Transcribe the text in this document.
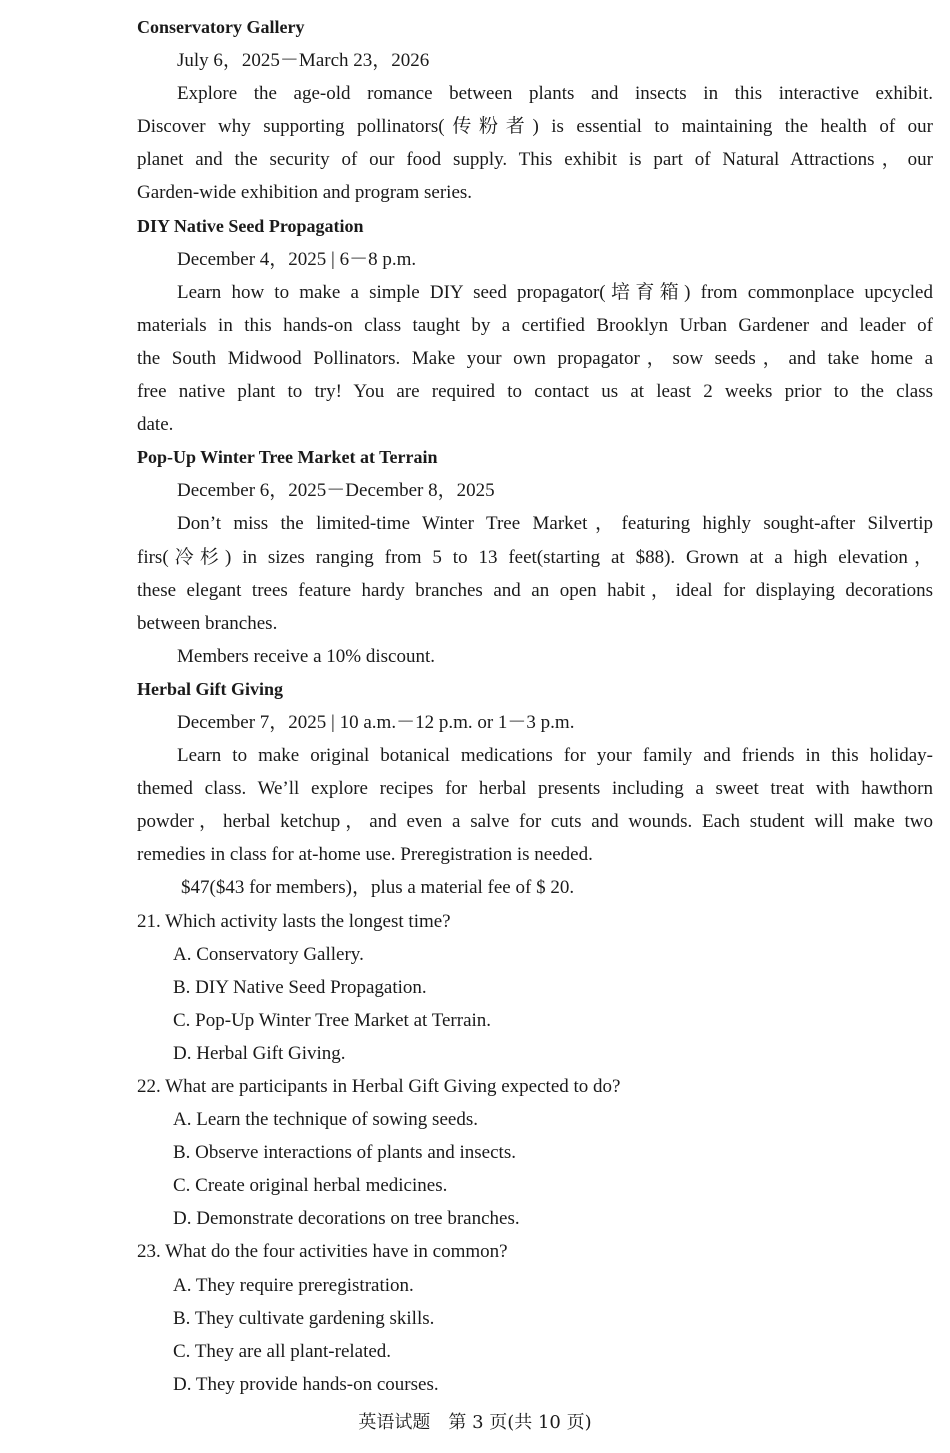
Conservatory Gallery
July 6，2025－March 23，2026
Explore the age-old romance between plants and insects in this interactive exhibit.
Discover why supporting pollinators(传粉者) is essential to maintaining the health of our
planet and the security of our food supply. This exhibit is part of Natural Attractions，our
Garden-wide exhibition and program series.
DIY Native Seed Propagation
December 4，2025 | 6－8 p.m.
Learn how to make a simple DIY seed propagator(培育箱) from commonplace upcycled
materials in this hands-on class taught by a certified Brooklyn Urban Gardener and leader of
the South Midwood Pollinators. Make your own propagator，sow seeds，and take home a
free native plant to try! You are required to contact us at least 2 weeks prior to the class
date.
Pop-Up Winter Tree Market at Terrain
December 6，2025－December 8，2025
Don’t miss the limited-time Winter Tree Market，featuring highly sought-after Silvertip
firs(冷杉) in sizes ranging from 5 to 13 feet(starting at $88). Grown at a high elevation，
these elegant trees feature hardy branches and an open habit，ideal for displaying decorations
between branches.
Members receive a 10% discount.
Herbal Gift Giving
December 7，2025 | 10 a.m.－12 p.m. or 1－3 p.m.
Learn to make original botanical medications for your family and friends in this holiday-
themed class. We’ll explore recipes for herbal presents including a sweet treat with hawthorn
powder，herbal ketchup，and even a salve for cuts and wounds. Each student will make two
remedies in class for at-home use. Preregistration is needed.
$47($43 for members)，plus a material fee of $ 20.
21. Which activity lasts the longest time?
A. Conservatory Gallery.
B. DIY Native Seed Propagation.
C. Pop-Up Winter Tree Market at Terrain.
D. Herbal Gift Giving.
22. What are participants in Herbal Gift Giving expected to do?
A. Learn the technique of sowing seeds.
B. Observe interactions of plants and insects.
C. Create original herbal medicines.
D. Demonstrate decorations on tree branches.
23. What do the four activities have in common?
A. They require preregistration.
B. They cultivate gardening skills.
C. They are all plant-related.
D. They provide hands-on courses.
英语试题　第 3 页(共 10 页)
